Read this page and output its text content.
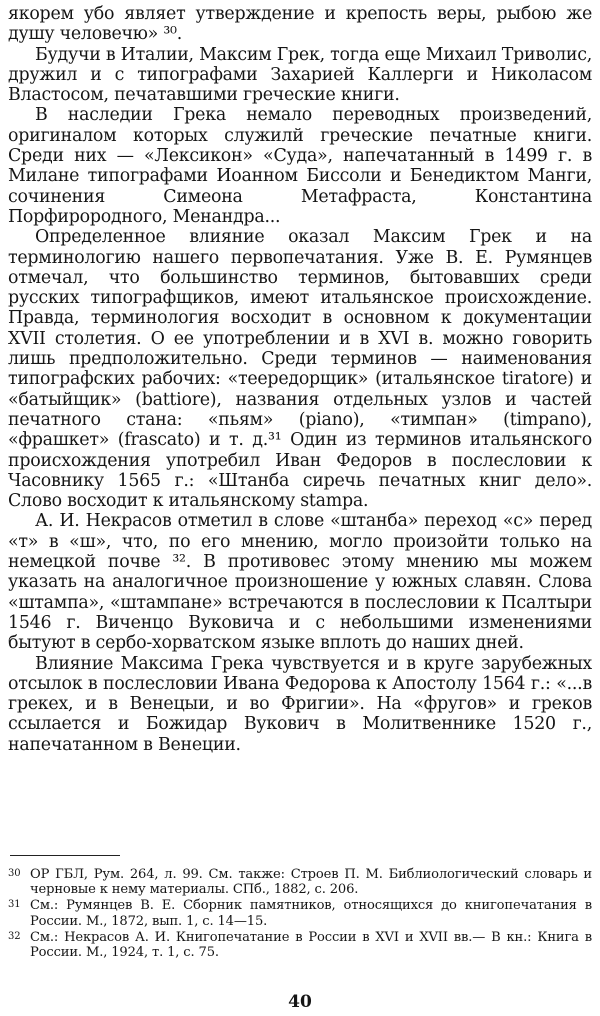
якорем убо являет утверждение и крепость веры, рыбою же душу человечю» ³⁰.

Будучи в Италии, Максим Грек, тогда еще Михаил Триволис, дружил и с типографами Захарией Каллерги и Николасом Властосом, печатавшими греческие книги.

В наследии Грека немало переводных произведений, оригиналом которых служилй греческие печатные книги. Среди них — «Лексикон» «Суда», напечатанный в 1499 г. в Милане типографами Иоанном Биссоли и Бенедиктом Манги, сочинения Симеона Метафраста, Константина Порфирородного, Менандра...

Определенное влияние оказал Максим Грек и на терминологию нашего первопечатания. Уже В. Е. Румянцев отмечал, что большинство терминов, бытовавших среди русских типографщиков, имеют итальянское происхождение. Правда, терминология восходит в основном к документации XVII столетия. О ее употреблении и в XVI в. можно говорить лишь предположительно. Среди терминов — наименования типографских рабочих: «теередорщик» (итальянское tiratore) и «батыйщик» (battiore), названия отдельных узлов и частей печатного стана: «пьям» (piano), «тимпан» (timpano), «фрашкет» (frascato) и т. д.³¹ Один из терминов итальянского происхождения употребил Иван Федоров в послесловии к Часовнику 1565 г.: «Штанба сиречь печатных книг дело». Слово восходит к итальянскому stampa.

А. И. Некрасов отметил в слове «штанба» переход «с» перед «т» в «ш», что, по его мнению, могло произойти только на немецкой почве ³². В противовес этому мнению мы можем указать на аналогичное произношение у южных славян. Слова «штампа», «штампане» встречаются в послесловии к Псалтыри 1546 г. Виченцо Вуковича и с небольшими изменениями бытуют в сербо-хорватском языке вплоть до наших дней.

Влияние Максима Грека чувствуется и в круге зарубежных отсылок в послесловии Ивана Федорова к Апостолу 1564 г.: «...в грекех, и в Венецыи, и во Фригии». На «фругов» и греков ссылается и Божидар Вукович в Молитвеннике 1520 г., напечатанном в Венеции.

30 ОР ГБЛ, Рум. 264, л. 99. См. также: Строев П. М. Библиологический словарь и черновые к нему материалы. СПб., 1882, с. 206.

31 См.: Румянцев В. Е. Сборник памятников, относящихся до книгопечатания в России. М., 1872, вып. 1, с. 14—15.

32 См.: Некрасов А. И. Книгопечатание в России в XVI и XVII вв.— В кн.: Книга в России. М., 1924, т. 1, с. 75.

40
